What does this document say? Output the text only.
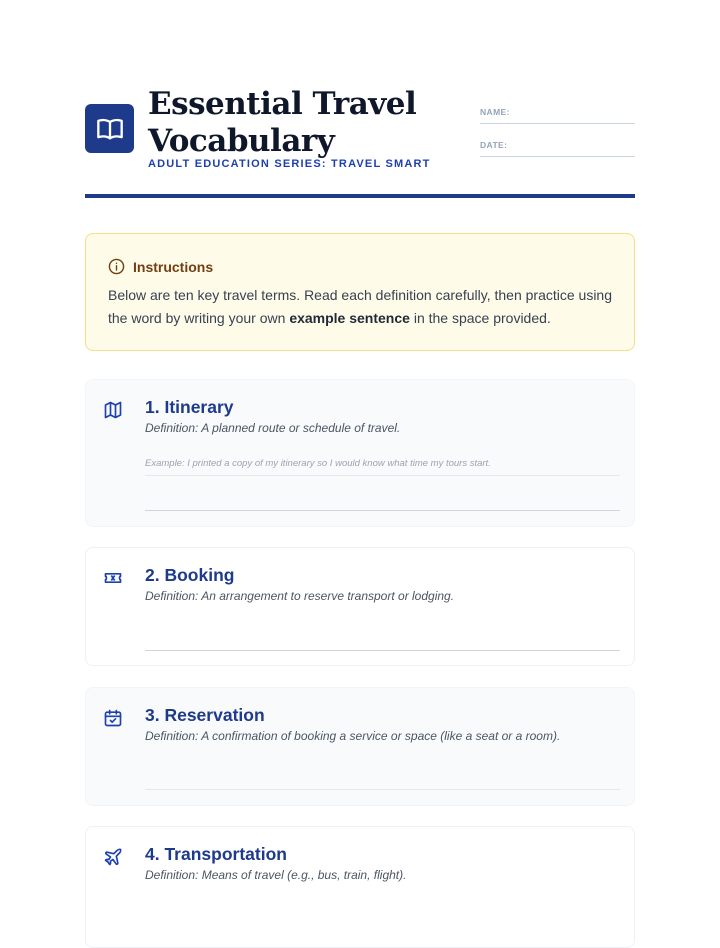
Essential Travel Vocabulary
ADULT EDUCATION SERIES: TRAVEL SMART
NAME:
DATE:
Instructions

Below are ten key travel terms. Read each definition carefully, then practice using the word by writing your own example sentence in the space provided.

1. Itinerary

Definition: A planned route or schedule of travel.

Example: I printed a copy of my itinerary so I would know what time my tours start.
2. Booking

Definition: An arrangement to reserve transport or lodging.

3. Reservation

Definition: A confirmation of booking a service or space (like a seat or a room).

4. Transportation

Definition: Means of travel (e.g., bus, train, flight).
